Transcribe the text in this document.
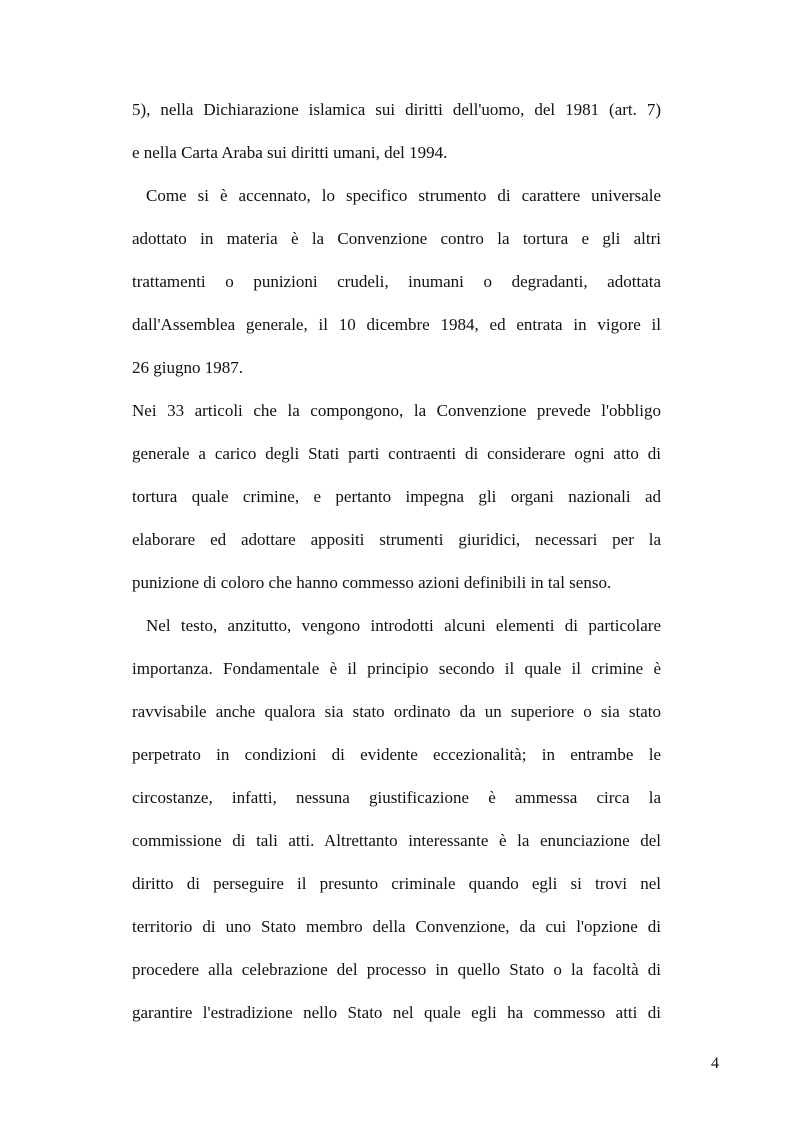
5), nella Dichiarazione islamica sui diritti dell'uomo, del 1981 (art. 7)
e nella Carta Araba sui diritti umani, del 1994.
Come si è accennato, lo specifico strumento di carattere universale
adottato in materia è la Convenzione contro la tortura e gli altri
trattamenti o punizioni crudeli, inumani o degradanti, adottata
dall'Assemblea generale, il 10 dicembre 1984, ed entrata in vigore il
26 giugno 1987.
Nei 33 articoli che la compongono, la Convenzione prevede l'obbligo
generale a carico degli Stati parti contraenti di considerare ogni atto di
tortura quale crimine, e pertanto impegna gli organi nazionali ad
elaborare ed adottare appositi strumenti giuridici, necessari per la
punizione di coloro che hanno commesso azioni definibili in tal senso.
Nel testo, anzitutto, vengono introdotti alcuni elementi di particolare
importanza. Fondamentale è il principio secondo il quale il crimine è
ravvisabile anche qualora sia stato ordinato da un superiore o sia stato
perpetrato in condizioni di evidente eccezionalità; in entrambe le
circostanze, infatti, nessuna giustificazione è ammessa circa la
commissione di tali atti. Altrettanto interessante è la enunciazione del
diritto di perseguire il presunto criminale quando egli si trovi nel
territorio di uno Stato membro della Convenzione, da cui l'opzione di
procedere alla celebrazione del processo in quello Stato o la facoltà di
garantire l'estradizione nello Stato nel quale egli ha commesso atti di
4
